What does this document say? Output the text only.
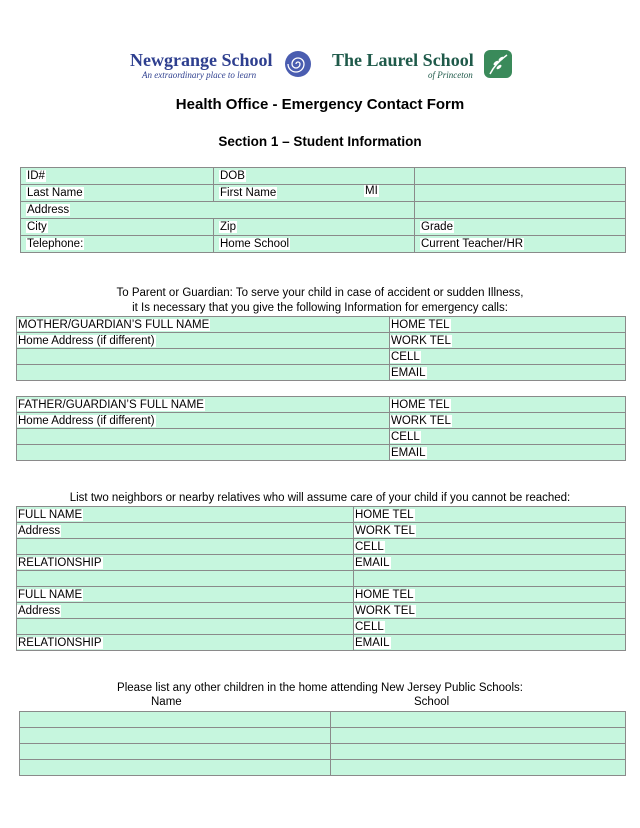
Newgrange School
An extraordinary place to learn
The Laurel School
of Princeton
Health Office - Emergency Contact Form
Section 1 – Student Information
ID#	DOB	
Last Name	First Name MI	

Address		
City	Zip	Grade
Telephone:	Home School	Current Teacher/HR
To Parent or Guardian: To serve your child in case of accident or sudden Illness,
it Is necessary that you give the following Information for emergency calls:
MOTHER/GUARDIAN’S FULL NAME	HOME TEL
Home Address (if different)	WORK TEL
	CELL
	EMAIL
FATHER/GUARDIAN’S FULL NAME	HOME TEL
Home Address (if different)	WORK TEL
	CELL
	EMAIL
List two neighbors or nearby relatives who will assume care of your child if you cannot be reached:
FULL NAME	HOME TEL
Address	WORK TEL
	CELL
RELATIONSHIP	EMAIL

FULL NAME	HOME TEL
Address	WORK TEL
	CELL
RELATIONSHIP	EMAIL
Please list any other children in the home attending New Jersey Public Schools:
Name	School
